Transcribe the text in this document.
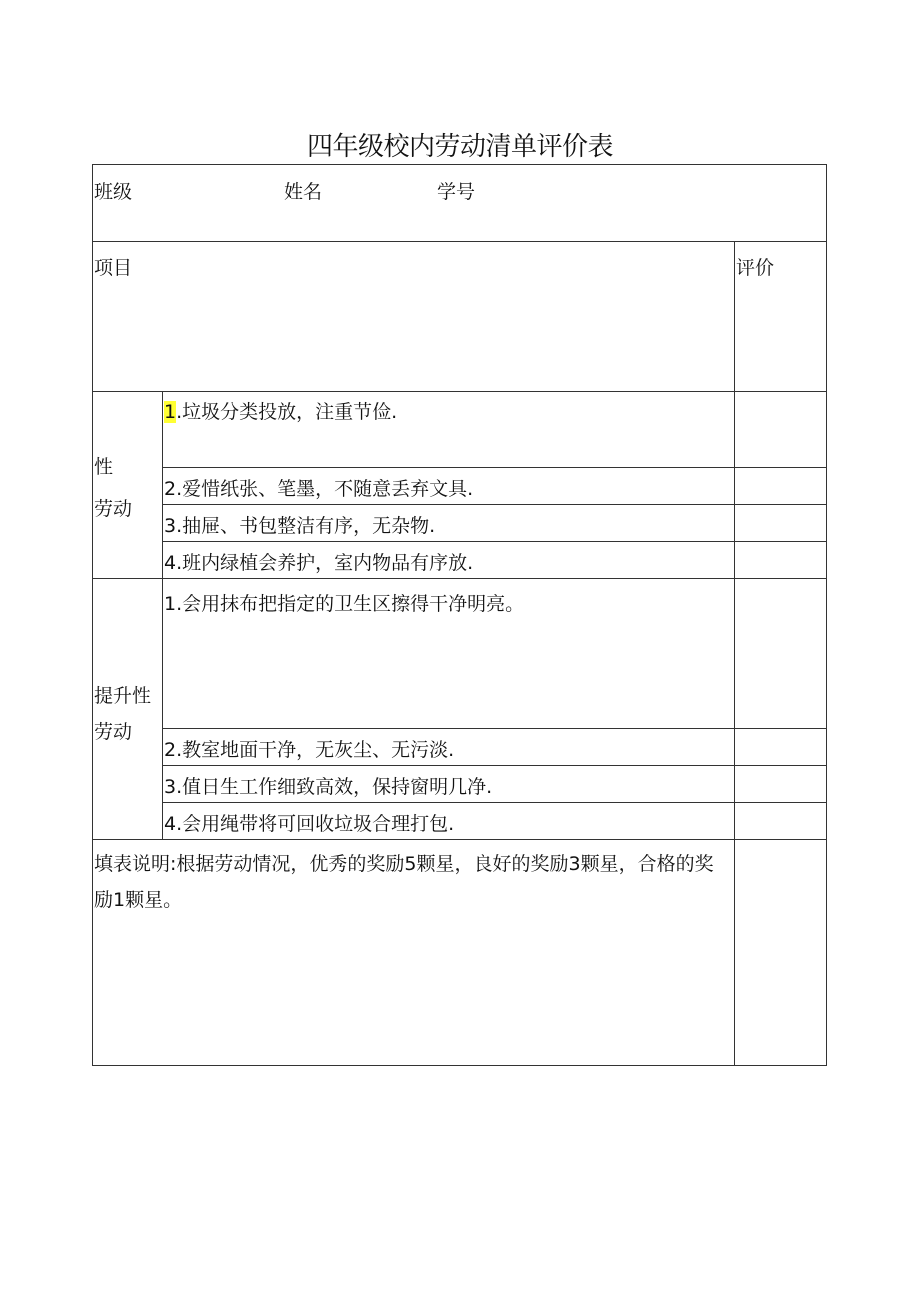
四年级校内劳动清单评价表
班级	姓名	学号
项目	评价
性
劳动
1.垃圾分类投放，注重节俭.
2.爱惜纸张、笔墨，不随意丢弃文具.
3.抽屉、书包整洁有序，无杂物.
4.班内绿植会养护，室内物品有序放.
提升性
劳动
1.会用抹布把指定的卫生区擦得干净明亮。
2.教室地面干净，无灰尘、无污淡.
3.值日生工作细致高效，保持窗明几净.
4.会用绳带将可回收垃圾合理打包.
填表说明:根据劳动情况，优秀的奖励5颗星，良好的奖励3颗星，合格的奖励1颗星。
